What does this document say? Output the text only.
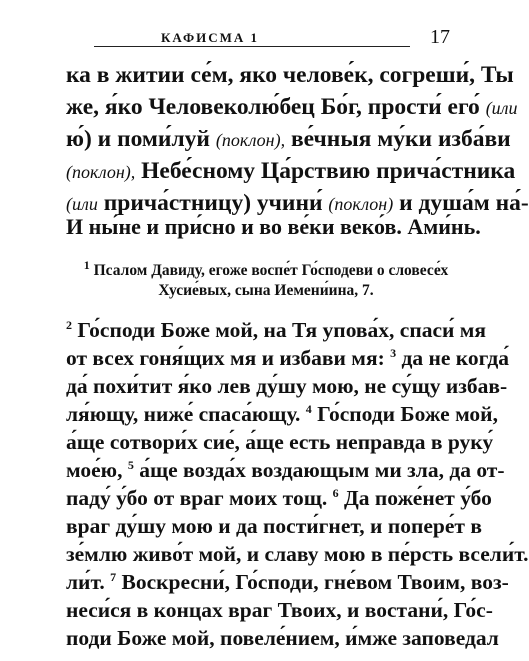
КАФИСМА 1	17
ка в житии се́м, яко челове́к, согреши́, Ты
же, я́ко Человеколю́бец Бо́г, прости́ его́ (или
ю́) и поми́луй (поклон), ве́чныя му́ки изба́ви
(поклон), Небе́сному Ца́рствию прича́стника
(или прича́стницу) учини́ (поклон) и душа́м на́-
И ны́не и при́сно и во ве́ки веко́в. Ами́нь.
$^1$ Псалом Давиду, егоже воспе́т Го́сподеви о словесе́х
Хусие́вых, сына Иемени́ина, 7.
$^2$ Го́споди Боже мой, на Тя упова́х, спаси́ мя
от всех гоня́щих мя и избави мя: $^3$ да не когда́
да́ похи́тит я́ко лев ду́шу мою, не су́щу избав-
ля́ющу, ниже́ спаса́ющу. $^4$ Го́споди Боже мой,
а́ще сотвори́х сие́, а́ще есть неправда в руку́
мое́ю, $^5$ а́ще возда́х воздающым ми зла, да от-
паду́ у́бо от враг моих тощ. $^6$ Да поже́нет у́бо
враг ду́шу мою и да пости́гнет, и попере́т в
зе́млю живо́т мой, и славу мою в пе́рсть всели́т.
ли́т. $^7$ Воскресни́, Го́споди, гне́вом Твоим, воз-
неси́ся в концах враг Твоих, и востани́, Го́с-
поди Боже мой, повеле́нием, и́мже заповедал
